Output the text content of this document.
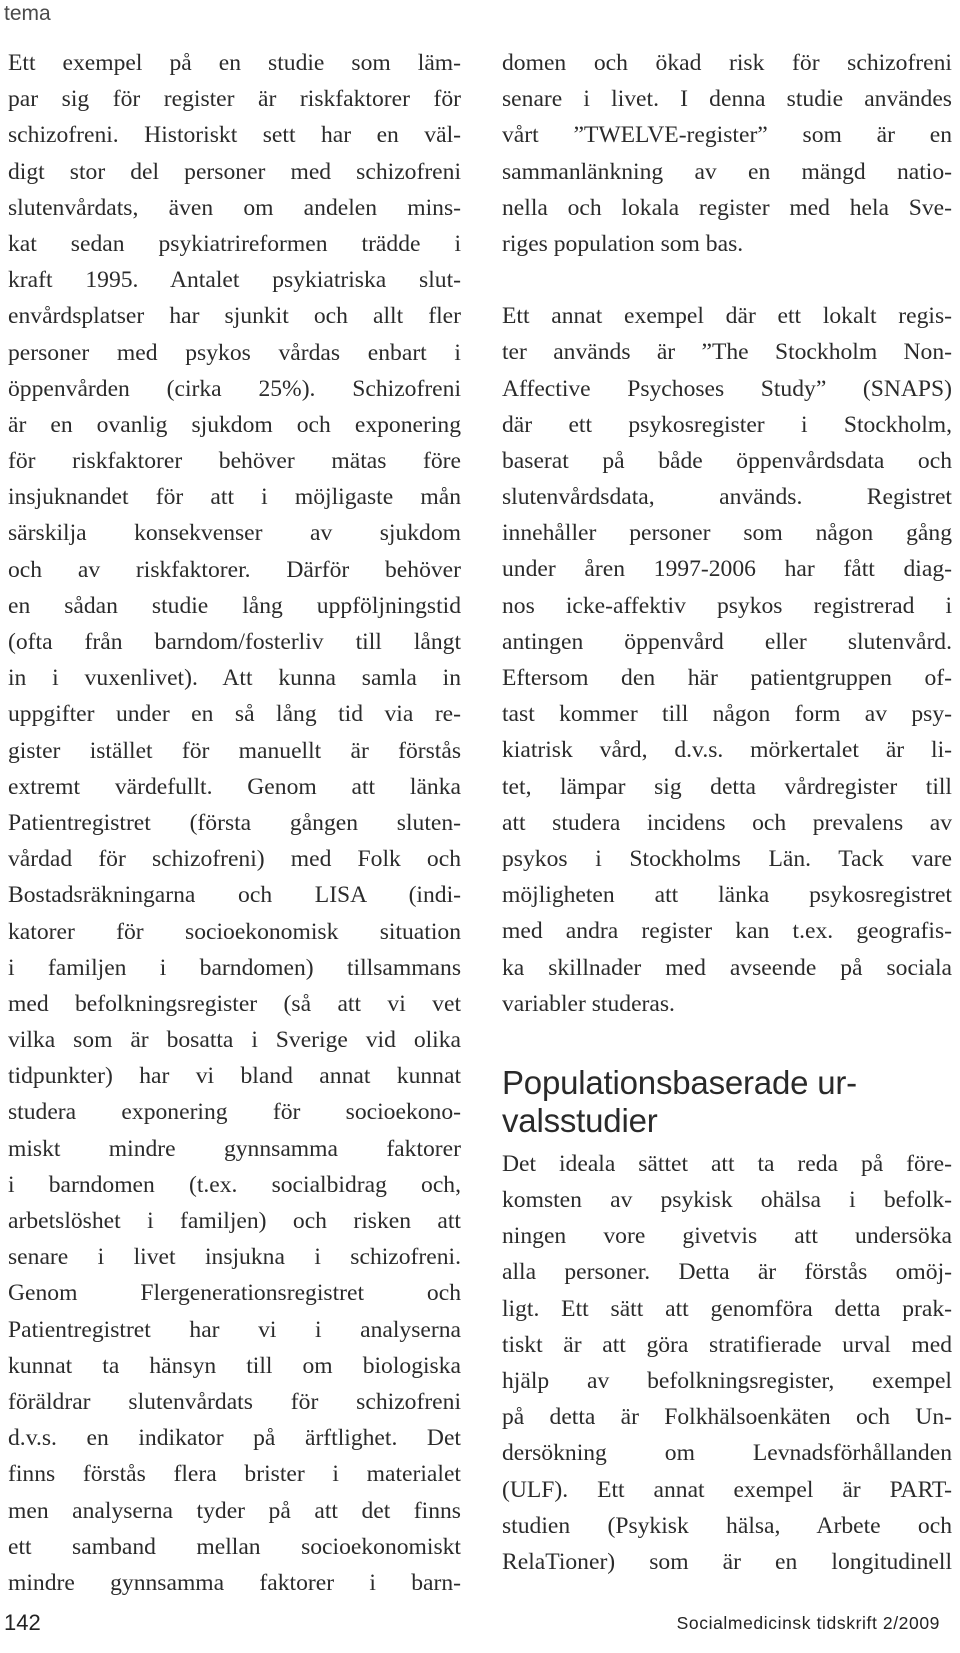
tema
Ett exempel på en studie som läm-
par sig för register är riskfaktorer för
schizofreni. Historiskt sett har en väl-
digt stor del personer med schizofreni
slutenvårdats, även om andelen mins-
kat sedan psykiatrireformen trädde i
kraft 1995. Antalet psykiatriska slut-
envårdsplatser har sjunkit och allt fler
personer med psykos vårdas enbart i
öppenvården (cirka 25%). Schizofreni
är en ovanlig sjukdom och exponering
för riskfaktorer behöver mätas före
insjuknandet för att i möjligaste mån
särskilja konsekvenser av sjukdom
och av riskfaktorer. Därför behöver
en sådan studie lång uppföljningstid
(ofta från barndom/fosterliv till långt
in i vuxenlivet). Att kunna samla in
uppgifter under en så lång tid via re-
gister istället för manuellt är förstås
extremt värdefullt. Genom att länka
Patientregistret (första gången sluten-
vårdad för schizofreni) med Folk och
Bostadsräkningarna och LISA (indi-
katorer för socioekonomisk situation
i familjen i barndomen) tillsammans
med befolkningsregister (så att vi vet
vilka som är bosatta i Sverige vid olika
tidpunkter) har vi bland annat kunnat
studera exponering för socioekono-
miskt mindre gynnsamma faktorer
i barndomen (t.ex. socialbidrag och,
arbetslöshet i familjen) och risken att
senare i livet insjukna i schizofreni.
Genom Flergenerationsregistret och
Patientregistret har vi i analyserna
kunnat ta hänsyn till om biologiska
föräldrar slutenvårdats för schizofreni
d.v.s. en indikator på ärftlighet. Det
finns förstås flera brister i materialet
men analyserna tyder på att det finns
ett samband mellan socioekonomiskt
mindre gynnsamma faktorer i barn-
domen och ökad risk för schizofreni
senare i livet. I denna studie användes
vårt ”TWELVE-register” som är en
sammanlänkning av en mängd natio-
nella och lokala register med hela Sve-
riges population som bas.
Ett annat exempel där ett lokalt regis-
ter används är ”The Stockholm Non-
Affective Psychoses Study” (SNAPS)
där ett psykosregister i Stockholm,
baserat på både öppenvårdsdata och
slutenvårdsdata, används. Registret
innehåller personer som någon gång
under åren 1997-2006 har fått diag-
nos icke-affektiv psykos registrerad i
antingen öppenvård eller slutenvård.
Eftersom den här patientgruppen of-
tast kommer till någon form av psy-
kiatrisk vård, d.v.s. mörkertalet är li-
tet, lämpar sig detta vårdregister till
att studera incidens och prevalens av
psykos i Stockholms Län. Tack vare
möjligheten att länka psykosregistret
med andra register kan t.ex. geografis-
ka skillnader med avseende på sociala
variabler studeras.
Populationsbaserade ur-
valsstudier
Det ideala sättet att ta reda på före-
komsten av psykisk ohälsa i befolk-
ningen vore givetvis att undersöka
alla personer. Detta är förstås omöj-
ligt. Ett sätt att genomföra detta prak-
tiskt är att göra stratifierade urval med
hjälp av befolkningsregister, exempel
på detta är Folkhälsoenkäten och Un-
dersökning om Levnadsförhållanden
(ULF). Ett annat exempel är PART-
studien (Psykisk hälsa, Arbete och
RelaTioner) som är en longitudinell
142	Socialmedicinsk tidskrift 2/2009
